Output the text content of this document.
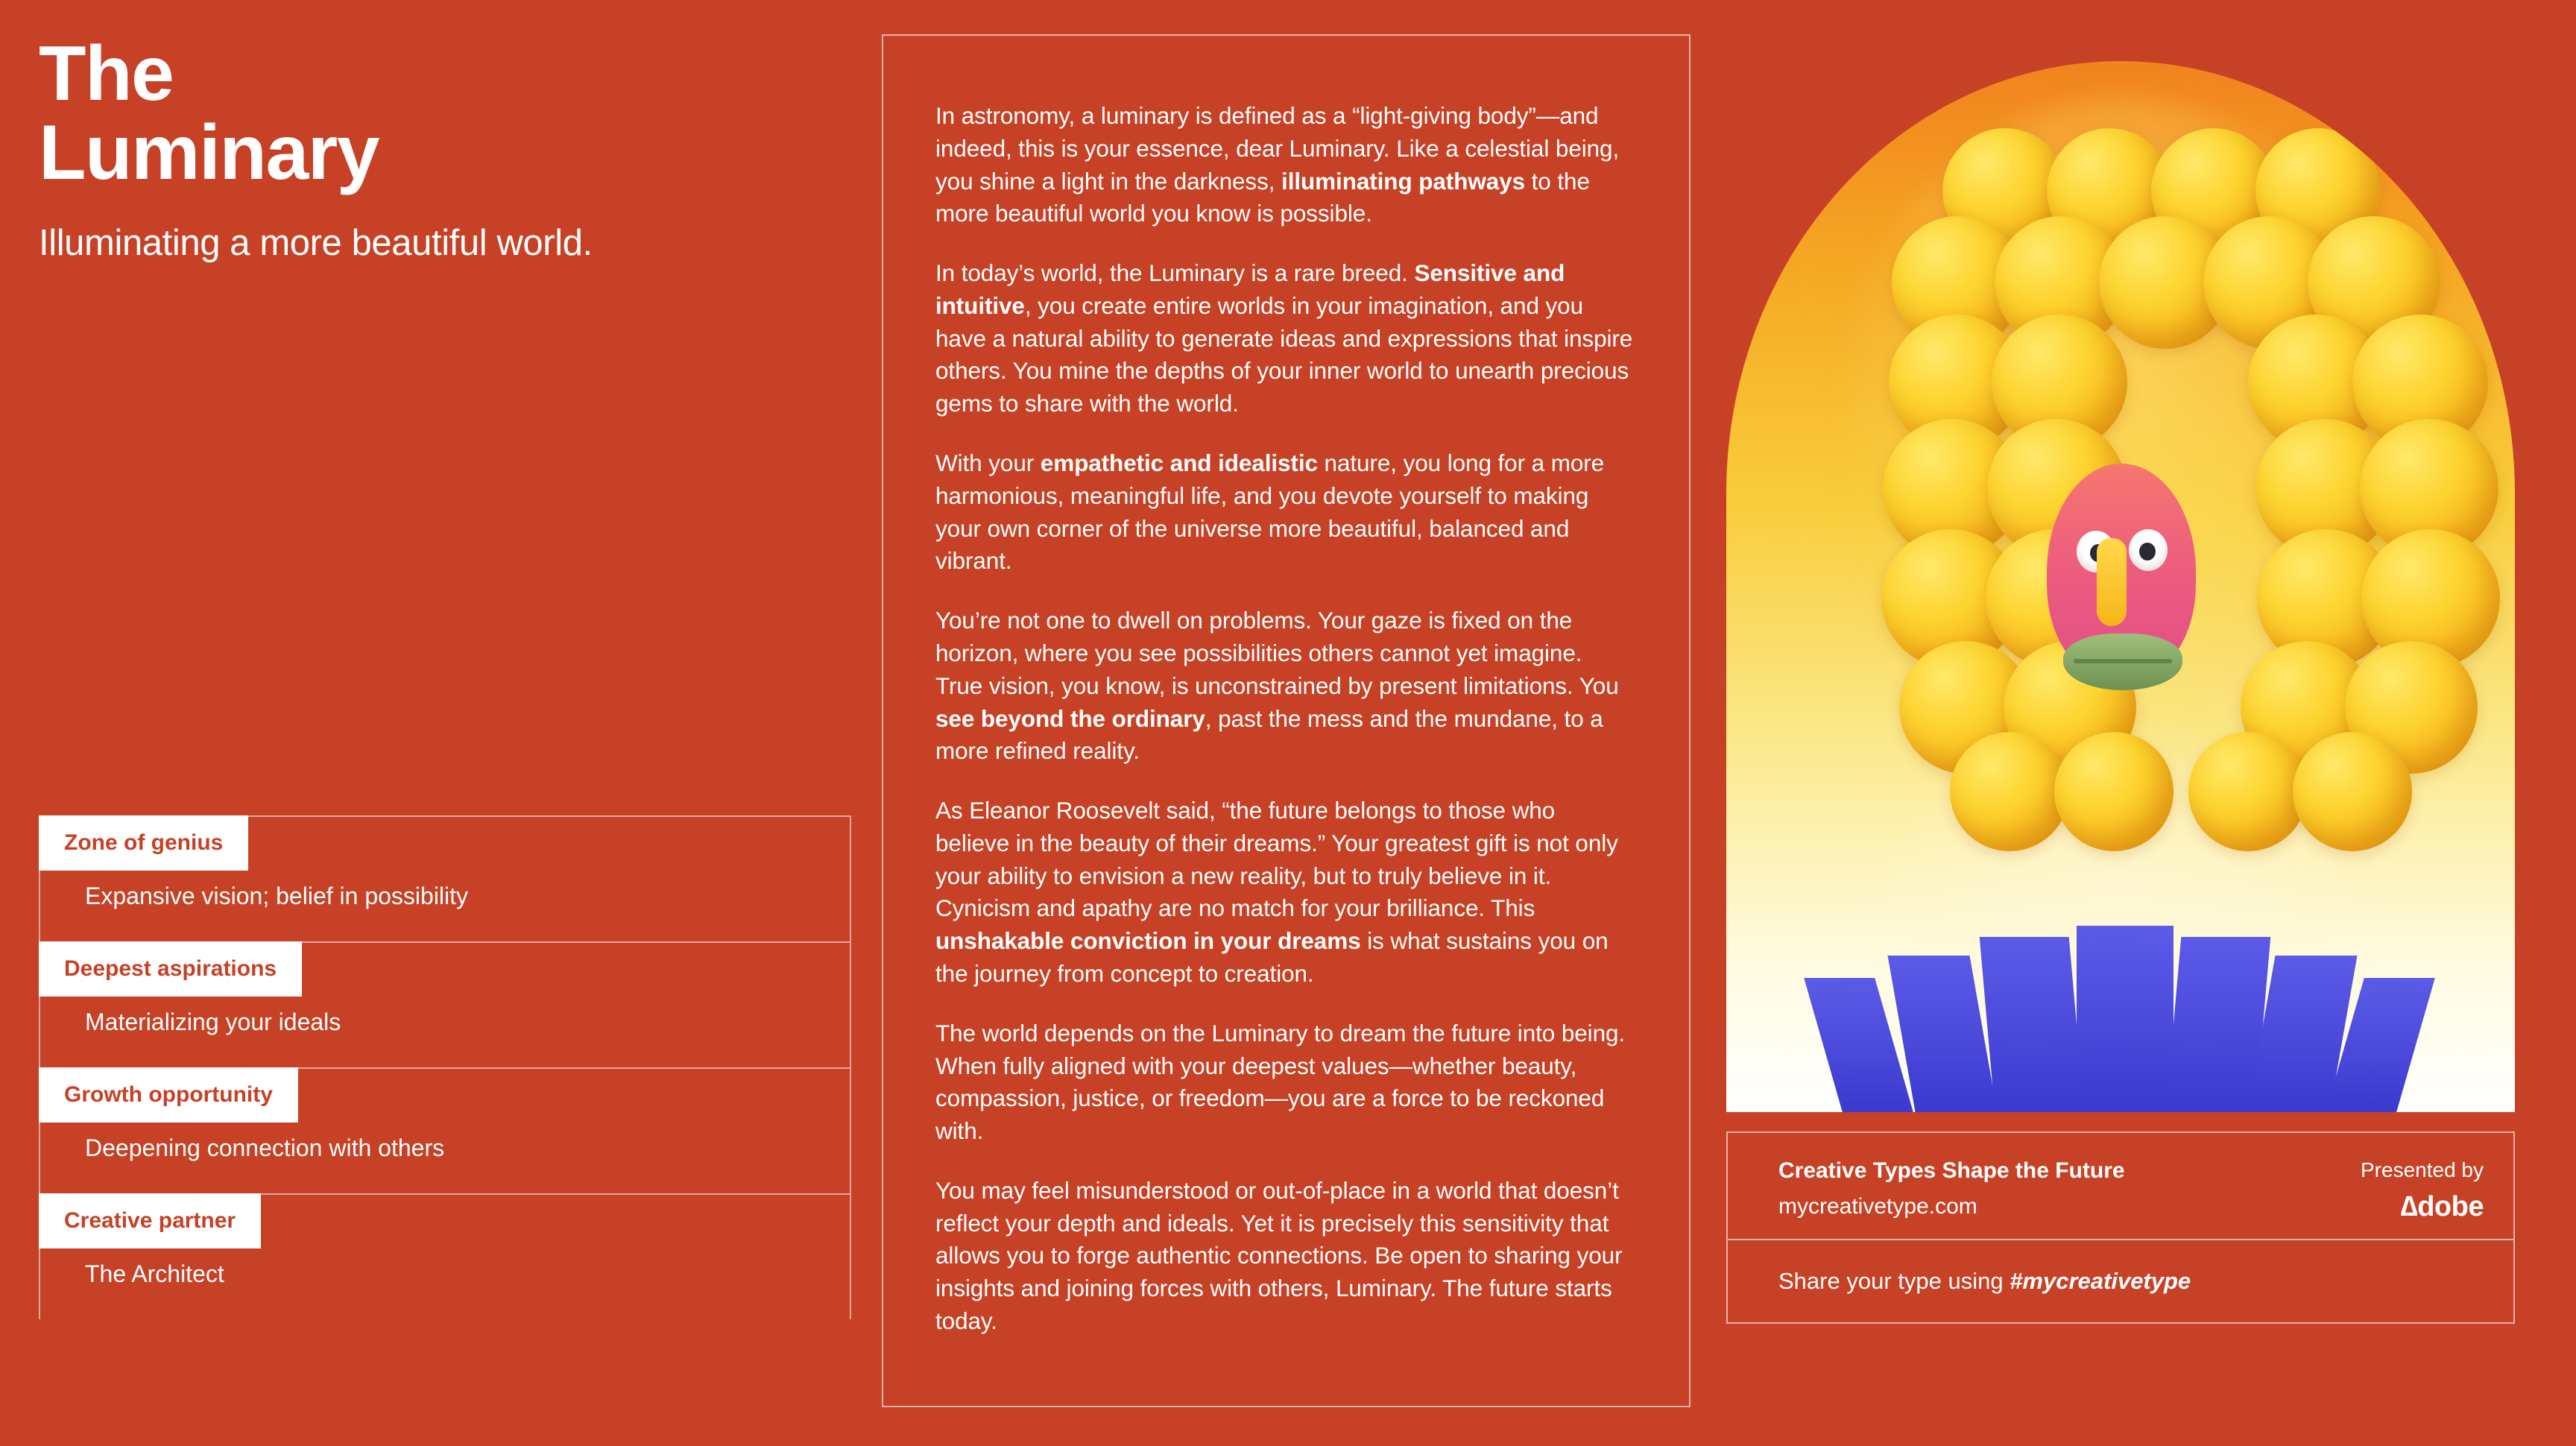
The
Luminary
Illuminating a more beautiful world.
Zone of genius
Expansive vision; belief in possibility
Deepest aspirations
Materializing your ideals
Growth opportunity
Deepening connection with others
Creative partner
The Architect

In astronomy, a luminary is defined as a “light-giving body”—and indeed, this is your essence, dear Luminary. Like a celestial being, you shine a light in the darkness, illuminating pathways to the more beautiful world you know is possible.

In today’s world, the Luminary is a rare breed. Sensitive and intuitive, you create entire worlds in your imagination, and you have a natural ability to generate ideas and expressions that inspire others. You mine the depths of your inner world to unearth precious gems to share with the world.

With your empathetic and idealistic nature, you long for a more harmonious, meaningful life, and you devote yourself to making your own corner of the universe more beautiful, balanced and vibrant.

You’re not one to dwell on problems. Your gaze is fixed on the horizon, where you see possibilities others cannot yet imagine. True vision, you know, is unconstrained by present limitations. You see beyond the ordinary, past the mess and the mundane, to a more refined reality.

As Eleanor Roosevelt said, “the future belongs to those who believe in the beauty of their dreams.” Your greatest gift is not only your ability to envision a new reality, but to truly believe in it. Cynicism and apathy are no match for your brilliance. This unshakable conviction in your dreams is what sustains you on the journey from concept to creation.

The world depends on the Luminary to dream the future into being. When fully aligned with your deepest values—whether beauty, compassion, justice, or freedom—you are a force to be reckoned with.

You may feel misunderstood or out-of-place in a world that doesn’t reflect your depth and ideals. Yet it is precisely this sensitivity that allows you to forge authentic connections. Be open to sharing your insights and joining forces with others, Luminary. The future starts today.

Creative Types Shape the Future
mycreativetype.com
Presented by
∆dobe
Share your type using #mycreativetype
